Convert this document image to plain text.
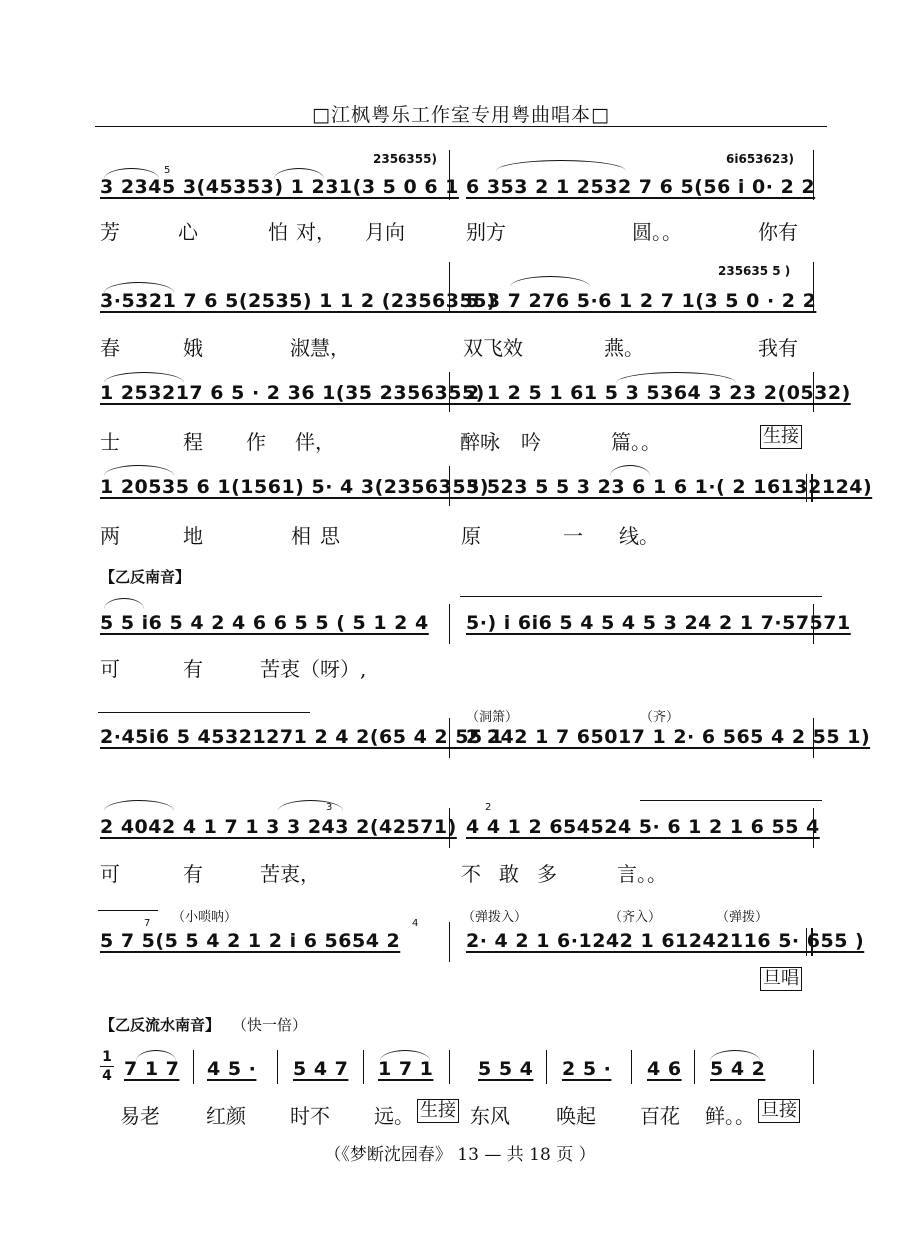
□江枫粤乐工作室专用粤曲唱本□
2356355)	6i653623)
5
3 2345 3(45353) 1 231(3 5 0 6 1 6 353 2 1 2532 7 6 5(56 i 0· 2 2
芳	心	怕 对， 月向	别方	圆。。	你有
235635 5 )
3·5321 7 6 5(2535) 1 1 2 (2356355)
5 3 7 276 5·6 1 2 7 1(3 5 0 · 2 2
春	娥	淑慧，	双飞效	燕。	我有
1 253217 6 5 · 2 36 1(35 2356355)
2 1 2 5 1 61 5 3 5364 3 23 2(0532)
士	程 作 伴，	醉咏 吟	篇。。	生接
1 20535 6 1(1561) 5· 4 3(2356355)
3 523 5 5 3 23 6 1 6 1·( 2 16132124)
两	地	相 思	原	一 线。
【乙反南音】
5 5 i6 5 4 2 4 6 6 5 5 ( 5 1 2 4 5·) i 6i6 5 4 5 4 5 3 24 2 1 7·57571
可	有	苦衷（呀）,
（洞箫）	（齐）
2·45i6 5 45321271 2 4 2(65 4 2 55 1
2 242 1 7 65017 1 2· 6 565 4 2 55 1)
3	2
2 4042 4 1 7 1 3 3 243 2(42571) 4 4 1 2 654524 5· 6 1 2 1 6 55 4
可	有	苦衷，	不 敢 多	言。。
（小唢呐）	（弹拨入）	（齐入）	（弹拨）
7	4
5 7 5(5 5 4 2 1 2 i 6 5654 2	2· 4 2 1 6·1242 1 61242116 5· 655 )
旦唱
【乙反流水南音】 （快一倍）
1
4 7 1 7 4 5 · 5 4 7 1 7 1 5 5 4 2 5 · 4 6 5 4 2
易老 红颜 时不 远。 生接 东风 唤起 百花 鲜。。 旦接
（《梦断沈园春》 13 — 共 18 页 ）
